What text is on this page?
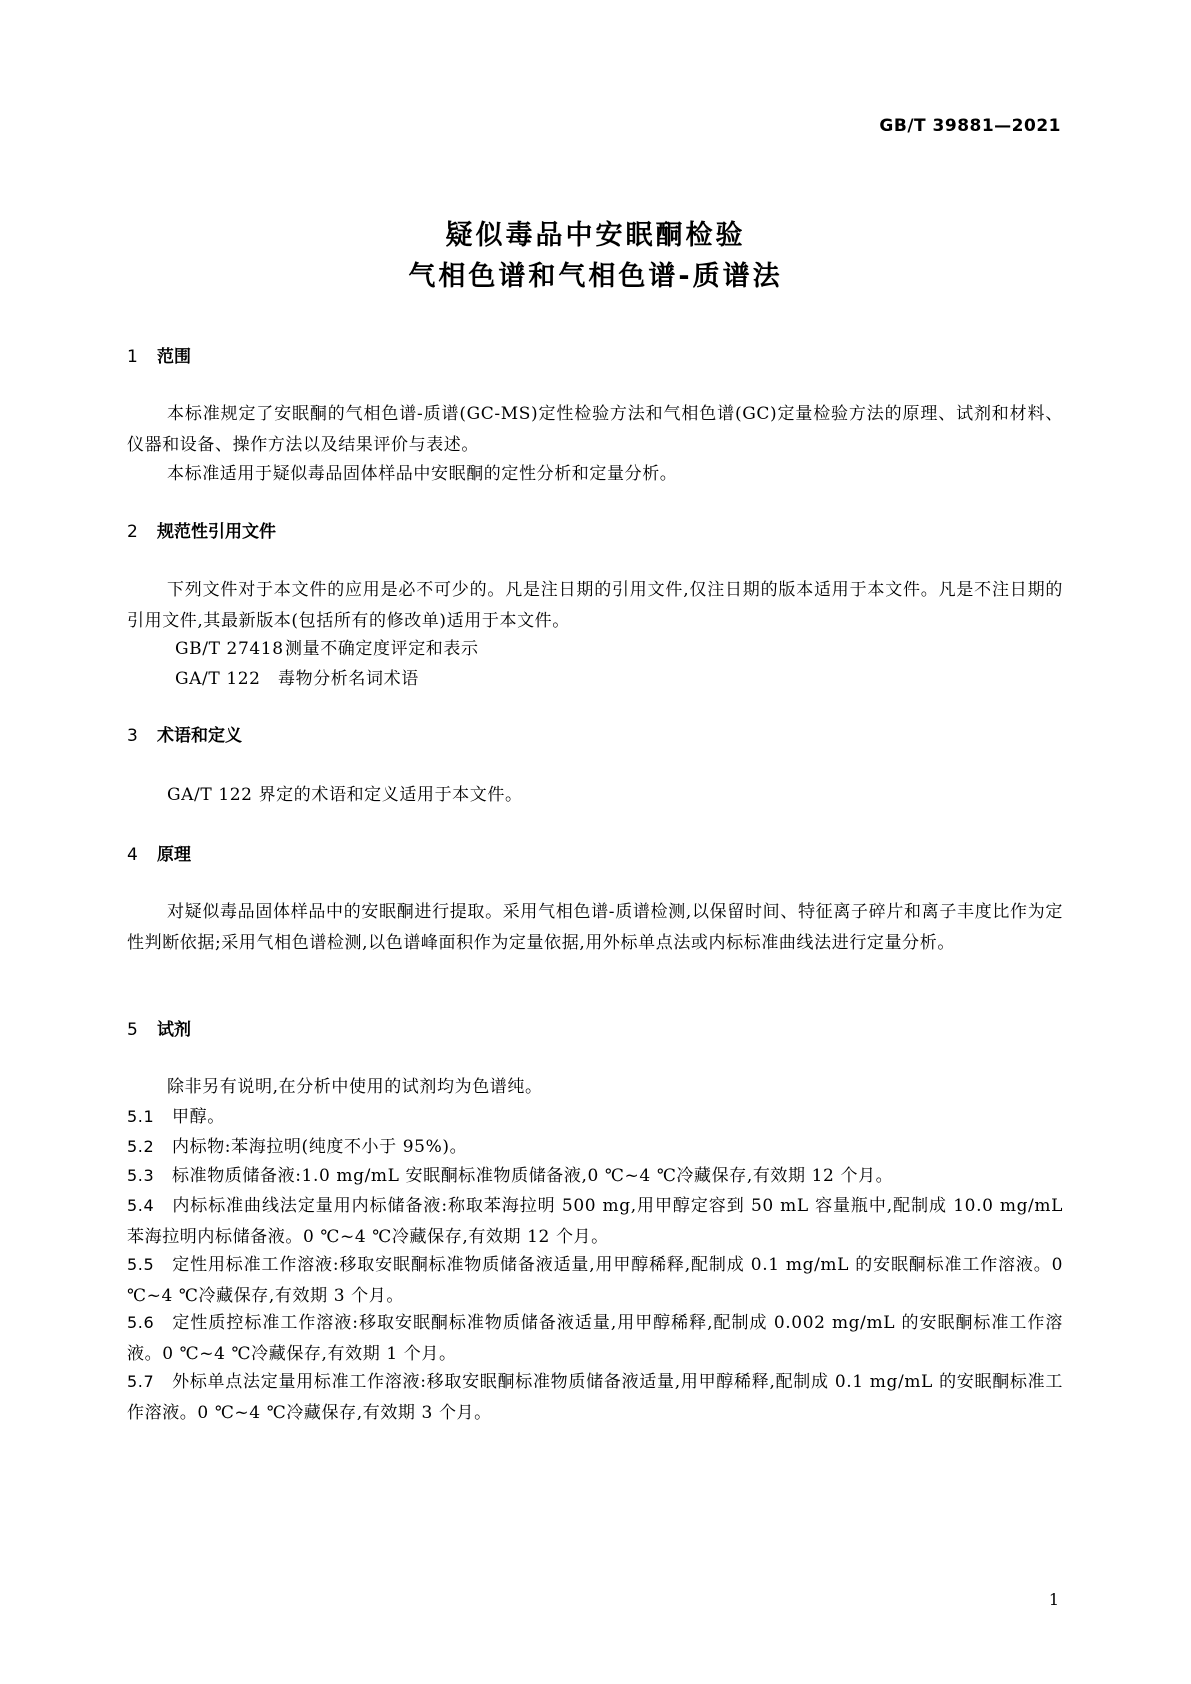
GB/T 39881—2021
疑似毒品中安眠酮检验
气相色谱和气相色谱-质谱法
1 范围
本标准规定了安眠酮的气相色谱-质谱(GC-MS)定性检验方法和气相色谱(GC)定量检验方法的原理、试剂和材料、仪器和设备、操作方法以及结果评价与表述。
本标准适用于疑似毒品固体样品中安眠酮的定性分析和定量分析。
2 规范性引用文件
下列文件对于本文件的应用是必不可少的。凡是注日期的引用文件,仅注日期的版本适用于本文件。凡是不注日期的引用文件,其最新版本(包括所有的修改单)适用于本文件。
GB/T 27418测量不确定度评定和表示
GA/T 122 毒物分析名词术语
3 术语和定义
GA/T 122 界定的术语和定义适用于本文件。
4 原理
对疑似毒品固体样品中的安眠酮进行提取。采用气相色谱-质谱检测,以保留时间、特征离子碎片和离子丰度比作为定性判断依据;采用气相色谱检测,以色谱峰面积作为定量依据,用外标单点法或内标标准曲线法进行定量分析。
5 试剂
除非另有说明,在分析中使用的试剂均为色谱纯。
5.1 甲醇。
5.2 内标物:苯海拉明(纯度不小于 95%)。
5.3 标准物质储备液:1.0 mg/mL 安眠酮标准物质储备液,0 ℃~4 ℃冷藏保存,有效期 12 个月。
5.4 内标标准曲线法定量用内标储备液:称取苯海拉明 500 mg,用甲醇定容到 50 mL 容量瓶中,配制成 10.0 mg/mL 苯海拉明内标储备液。0 ℃~4 ℃冷藏保存,有效期 12 个月。
5.5 定性用标准工作溶液:移取安眠酮标准物质储备液适量,用甲醇稀释,配制成 0.1 mg/mL 的安眠酮标准工作溶液。0 ℃~4 ℃冷藏保存,有效期 3 个月。
5.6 定性质控标准工作溶液:移取安眠酮标准物质储备液适量,用甲醇稀释,配制成 0.002 mg/mL 的安眠酮标准工作溶液。0 ℃~4 ℃冷藏保存,有效期 1 个月。
5.7 外标单点法定量用标准工作溶液:移取安眠酮标准物质储备液适量,用甲醇稀释,配制成 0.1 mg/mL 的安眠酮标准工作溶液。0 ℃~4 ℃冷藏保存,有效期 3 个月。
1
